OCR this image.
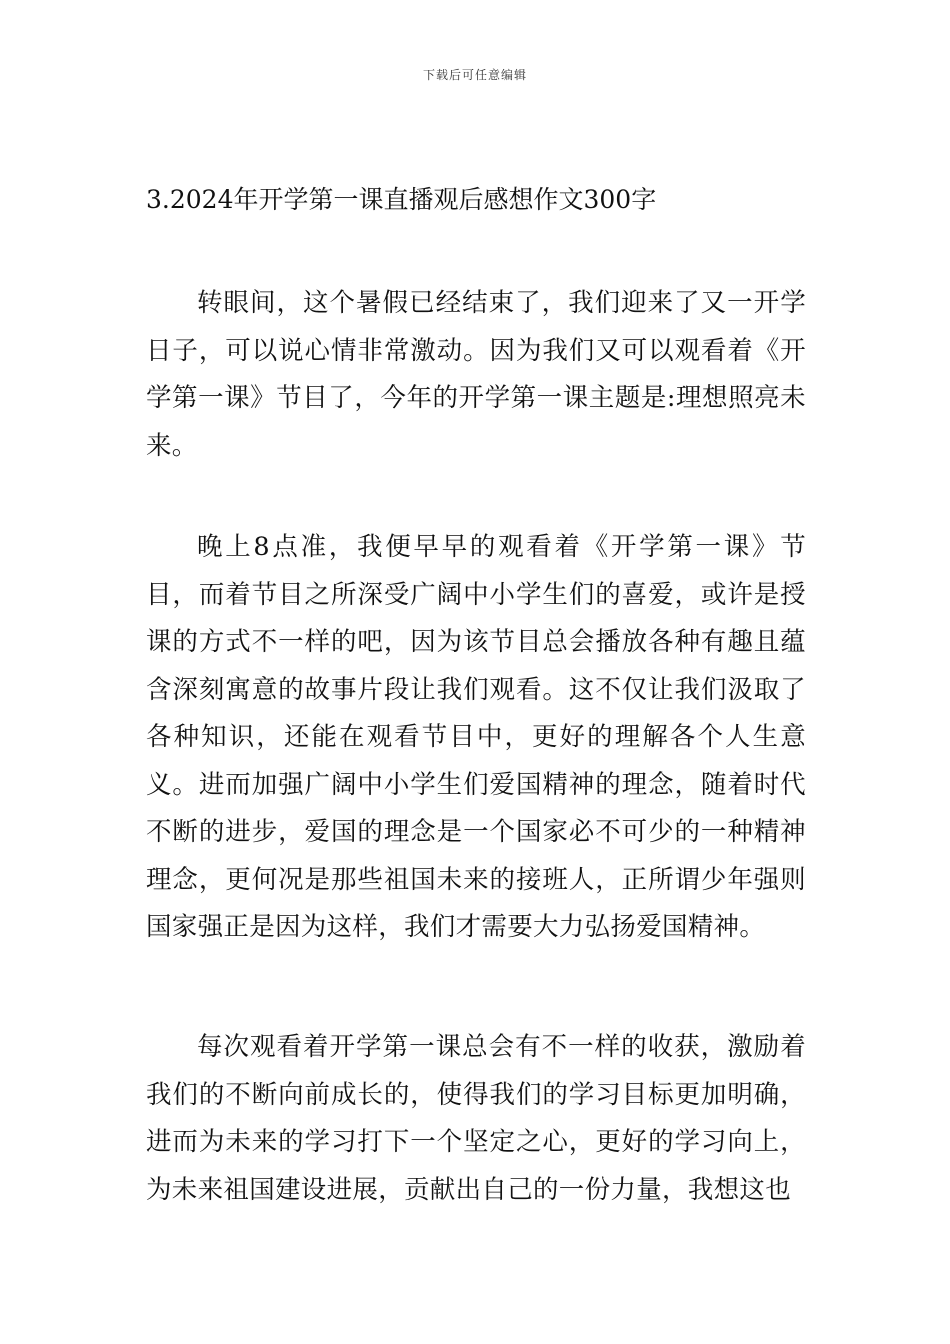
下载后可任意编辑
3.2024年开学第一课直播观后感想作文300字

转眼间，这个暑假已经结束了，我们迎来了又一开学日子，可以说心情非常激动。因为我们又可以观看着《开学第一课》节目了，今年的开学第一课主题是:理想照亮未来。

晚上8点准，我便早早的观看着《开学第一课》节目，而着节目之所深受广阔中小学生们的喜爱，或许是授课的方式不一样的吧，因为该节目总会播放各种有趣且蕴含深刻寓意的故事片段让我们观看。这不仅让我们汲取了各种知识，还能在观看节目中，更好的理解各个人生意义。进而加强广阔中小学生们爱国精神的理念，随着时代不断的进步，爱国的理念是一个国家必不可少的一种精神理念，更何况是那些祖国未来的接班人，正所谓少年强则国家强正是因为这样，我们才需要大力弘扬爱国精神。

每次观看着开学第一课总会有不一样的收获，激励着我们的不断向前成长的，使得我们的学习目标更加明确，进而为未来的学习打下一个坚定之心，更好的学习向上，为未来祖国建设进展，贡献出自己的一份力量，我想这也
